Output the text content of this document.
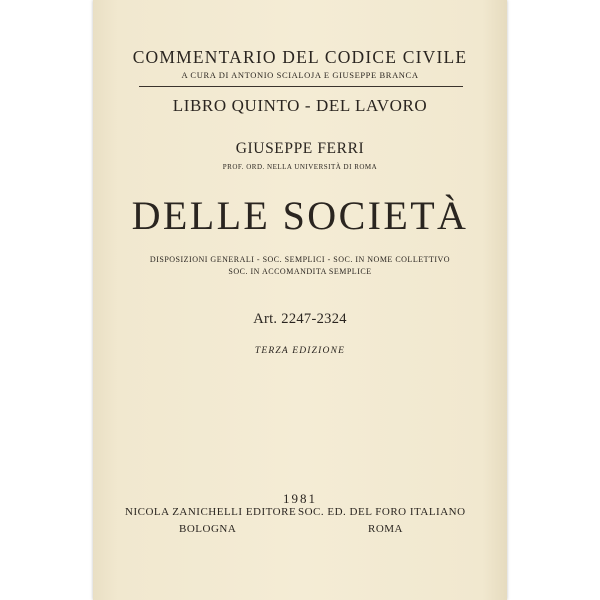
COMMENTARIO DEL CODICE CIVILE
A CURA DI ANTONIO SCIALOJA E GIUSEPPE BRANCA
LIBRO QUINTO - DEL LAVORO
GIUSEPPE FERRI
PROF. ORD. NELLA UNIVERSITÀ DI ROMA
DELLE SOCIETÀ
DISPOSIZIONI GENERALI - SOC. SEMPLICI - SOC. IN NOME COLLETTIVO
SOC. IN ACCOMANDITA SEMPLICE
Art. 2247-2324
TERZA EDIZIONE
1981
NICOLA ZANICHELLI EDITORE
BOLOGNA
SOC. ED. DEL FORO ITALIANO
ROMA
